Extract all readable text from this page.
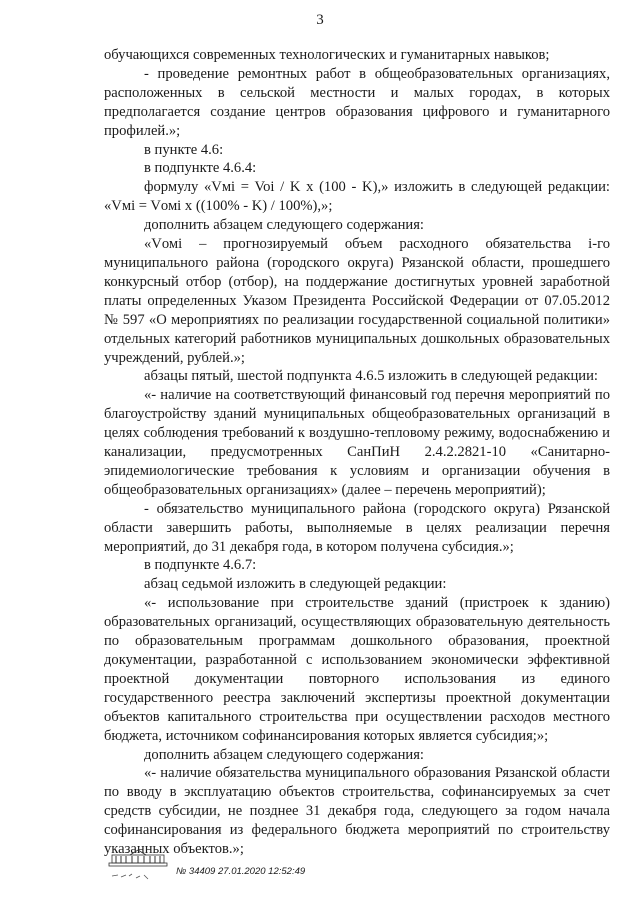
3

обучающихся современных технологических и гуманитарных навыков;

- проведение ремонтных работ в общеобразовательных организациях, расположенных в сельской местности и малых городах, в которых предполагается создание центров образования цифрового и гуманитарного профилей.»;

в пункте 4.6:

в подпункте 4.6.4:

формулу «Vмi = Voi / K x (100 - K),» изложить в следующей редакции: «Vмi = Vомi x ((100% - K) / 100%),»;

дополнить абзацем следующего содержания:

«Vомi – прогнозируемый объем расходного обязательства i-го муниципального района (городского округа) Рязанской области, прошедшего конкурсный отбор (отбор), на поддержание достигнутых уровней заработной платы определенных Указом Президента Российской Федерации от 07.05.2012 № 597 «О мероприятиях по реализации государственной социальной политики» отдельных категорий работников муниципальных дошкольных образовательных учреждений, рублей.»;

абзацы пятый, шестой подпункта 4.6.5 изложить в следующей редакции:

«- наличие на соответствующий финансовый год перечня мероприятий по благоустройству зданий муниципальных общеобразовательных организаций в целях соблюдения требований к воздушно-тепловому режиму, водоснабжению и канализации, предусмотренных СанПиН 2.4.2.2821-10 «Санитарно-эпидемиологические требования к условиям и организации обучения в общеобразовательных организациях» (далее – перечень мероприятий);

- обязательство муниципального района (городского округа) Рязанской области завершить работы, выполняемые в целях реализации перечня мероприятий, до 31 декабря года, в котором получена субсидия.»;

в подпункте 4.6.7:

абзац седьмой изложить в следующей редакции:

«- использование при строительстве зданий (пристроек к зданию) образовательных организаций, осуществляющих образовательную деятельность по образовательным программам дошкольного образования, проектной документации, разработанной с использованием экономически эффективной проектной документации повторного использования из единого государственного реестра заключений экспертизы проектной документации объектов капитального строительства при осуществлении расходов местного бюджета, источником софинансирования которых является субсидия;»;

дополнить абзацем следующего содержания:

«- наличие обязательства муниципального образования Рязанской области по вводу в эксплуатацию объектов строительства, софинансируемых за счет средств субсидии, не позднее 31 декабря года, следующего за годом начала софинансирования из федерального бюджета мероприятий по строительству указанных объектов.»;

№ 34409 27.01.2020 12:52:49
